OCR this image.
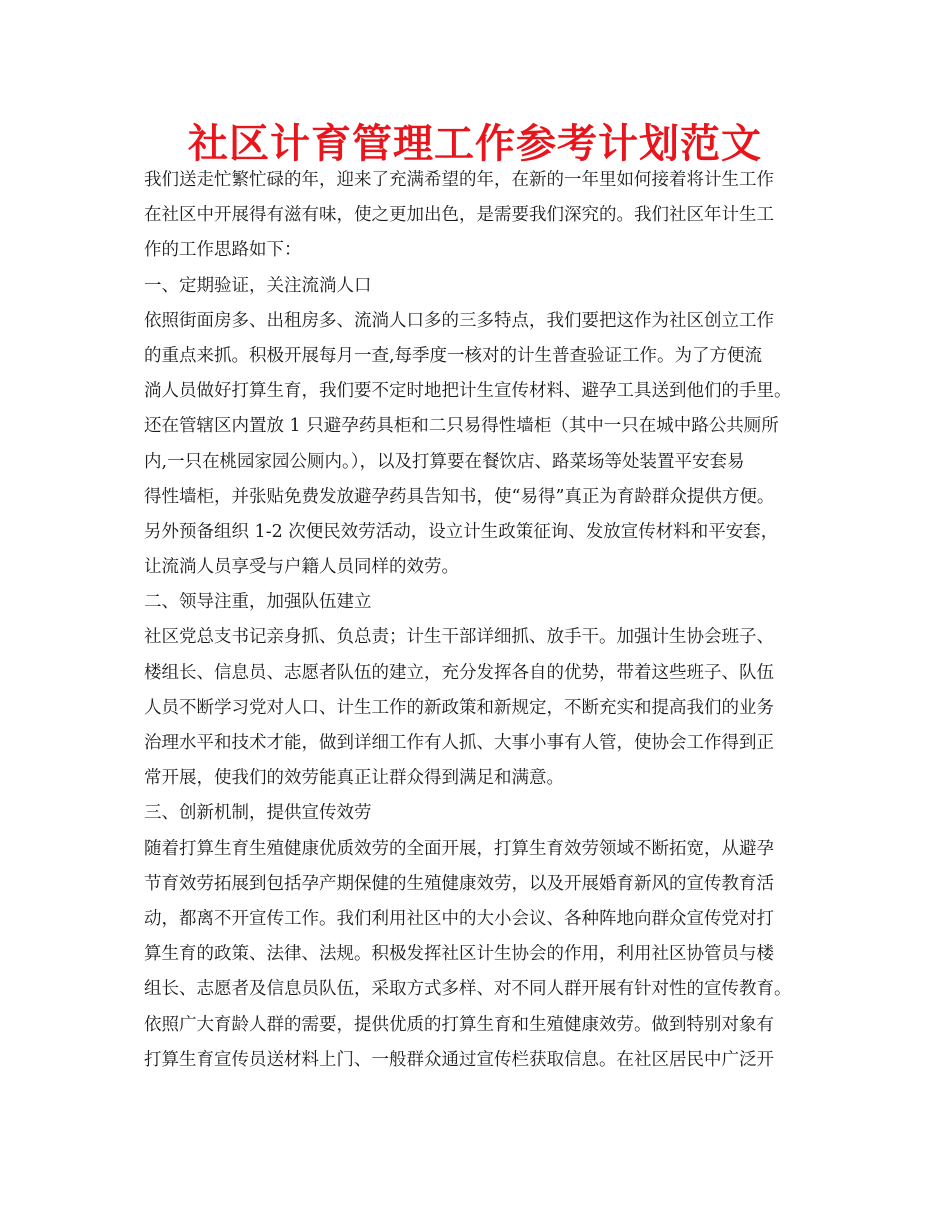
社区计育管理工作参考计划范文
我们送走忙繁忙碌的年，迎来了充满希望的年，在新的一年里如何接着将计生工作
在社区中开展得有滋有味，使之更加出色，是需要我们深究的。我们社区年计生工
作的工作思路如下：
一、定期验证，关注流淌人口
依照街面房多、出租房多、流淌人口多的三多特点，我们要把这作为社区创立工作
的重点来抓。积极开展每月一查,每季度一核对的计生普查验证工作。为了方便流
淌人员做好打算生育，我们要不定时地把计生宣传材料、避孕工具送到他们的手里。
还在管辖区内置放 1 只避孕药具柜和二只易得性墙柜（其中一只在城中路公共厕所
内,一只在桃园家园公厕内。），以及打算要在餐饮店、路菜场等处装置平安套易
得性墙柜，并张贴免费发放避孕药具告知书，使“易得”真正为育龄群众提供方便。
另外预备组织 1-2 次便民效劳活动，设立计生政策征询、发放宣传材料和平安套，
让流淌人员享受与户籍人员同样的效劳。
二、领导注重，加强队伍建立
社区党总支书记亲身抓、负总责；计生干部详细抓、放手干。加强计生协会班子、
楼组长、信息员、志愿者队伍的建立，充分发挥各自的优势，带着这些班子、队伍
人员不断学习党对人口、计生工作的新政策和新规定，不断充实和提高我们的业务
治理水平和技术才能，做到详细工作有人抓、大事小事有人管，使协会工作得到正
常开展，使我们的效劳能真正让群众得到满足和满意。
三、创新机制，提供宣传效劳
随着打算生育生殖健康优质效劳的全面开展，打算生育效劳领域不断拓宽，从避孕
节育效劳拓展到包括孕产期保健的生殖健康效劳，以及开展婚育新风的宣传教育活
动，都离不开宣传工作。我们利用社区中的大小会议、各种阵地向群众宣传党对打
算生育的政策、法律、法规。积极发挥社区计生协会的作用，利用社区协管员与楼
组长、志愿者及信息员队伍，采取方式多样、对不同人群开展有针对性的宣传教育。
依照广大育龄人群的需要，提供优质的打算生育和生殖健康效劳。做到特别对象有
打算生育宣传员送材料上门、一般群众通过宣传栏获取信息。在社区居民中广泛开
